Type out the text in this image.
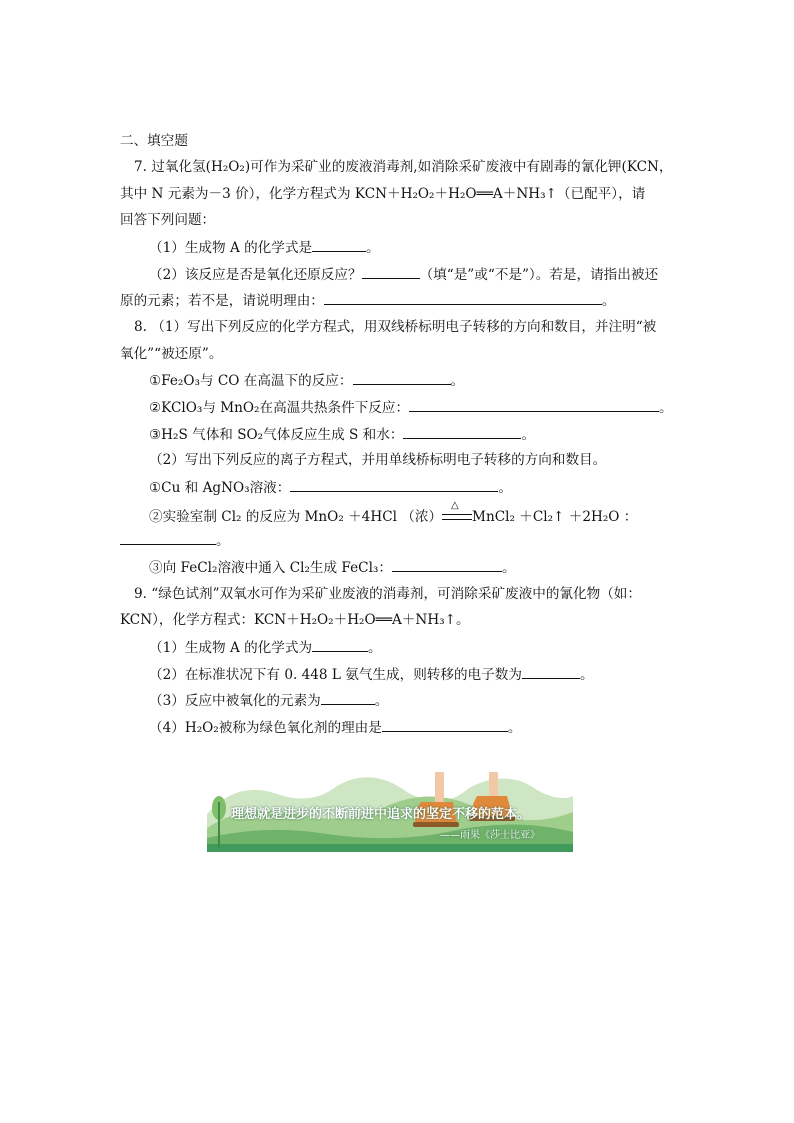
二、填空题
7. 过氧化氢(H₂O₂)可作为采矿业的废液消毒剂,如消除采矿废液中有剧毒的氰化钾(KCN，
其中 N 元素为－3 价），化学方程式为 KCN＋H₂O₂＋H₂O══A＋NH₃↑（已配平），请
回答下列问题：
（1）生成物 A 的化学式是	。
（2）该反应是否是氧化还原反应？	（填“是”或“不是”）。若是，请指出被还
原的元素；若不是，请说明理由：	。
8. （1）写出下列反应的化学方程式，用双线桥标明电子转移的方向和数目，并注明“被
氧化”“被还原”。
①Fe₂O₃与 CO 在高温下的反应：	。
②KClO₃与 MnO₂在高温共热条件下反应：	。
③H₂S 气体和 SO₂气体反应生成 S 和水：	。
（2）写出下列反应的离子方程式，并用单线桥标明电子转移的方向和数目。
①Cu 和 AgNO₃溶液：	。
②实验室制 Cl₂ 的反应为 MnO₂ ＋4HCl （浓）
△
MnCl₂ ＋Cl₂↑ ＋2H₂O ：
。
③向 FeCl₂溶液中通入 Cl₂生成 FeCl₃：	。
9. “绿色试剂”双氧水可作为采矿业废液的消毒剂，可消除采矿废液中的氰化物（如：
KCN），化学方程式：KCN＋H₂O₂＋H₂O══A＋NH₃↑。
（1）生成物 A 的化学式为	。
（2）在标准状况下有 0. 448 L 氨气生成，则转移的电子数为	。
（3）反应中被氧化的元素为	。
（4）H₂O₂被称为绿色氧化剂的理由是	。
理想就是进步的不断前进中追求的坚定不移的范本。
——雨果《莎士比亚》
